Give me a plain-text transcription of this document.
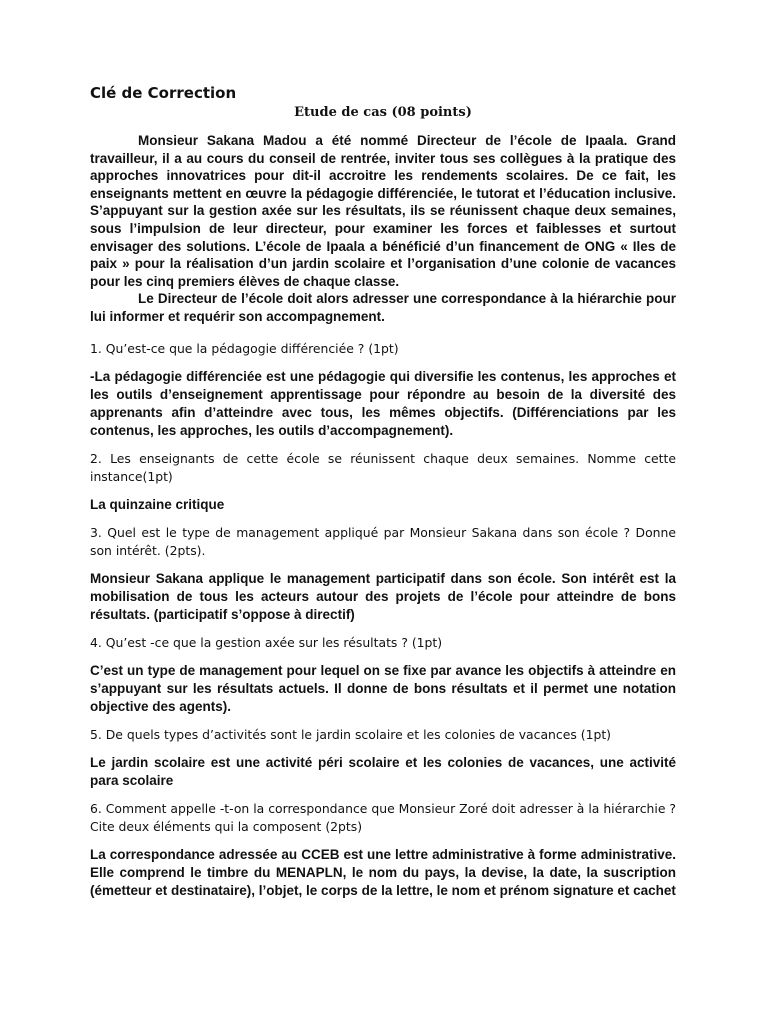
Clé de Correction
Etude de cas (08 points)

Monsieur Sakana Madou a été nommé Directeur de l’école de Ipaala. Grand travailleur, il a au cours du conseil de rentrée, inviter tous ses collègues à la pratique des approches innovatrices pour dit-il accroitre les rendements scolaires. De ce fait, les enseignants mettent en œuvre la pédagogie différenciée, le tutorat et l’éducation inclusive. S’appuyant sur la gestion axée sur les résultats, ils se réunissent chaque deux semaines, sous l’impulsion de leur directeur, pour examiner les forces et faiblesses et surtout envisager des solutions. L’école de Ipaala a bénéficié d’un financement de ONG « Iles de paix » pour la réalisation d’un jardin scolaire et l’organisation d’une colonie de vacances pour les cinq premiers élèves de chaque classe.

Le Directeur de l’école doit alors adresser une correspondance à la hiérarchie pour lui informer et requérir son accompagnement.

1. Qu’est-ce que la pédagogie différenciée ? (1pt)

-La pédagogie différenciée est une pédagogie qui diversifie les contenus, les approches et les outils d’enseignement apprentissage pour répondre au besoin de la diversité des apprenants afin d’atteindre avec tous, les mêmes objectifs. (Différenciations par les contenus, les approches, les outils d’accompagnement).

2. Les enseignants de cette école se réunissent chaque deux semaines. Nomme cette instance(1pt)

La quinzaine critique

3. Quel est le type de management appliqué par Monsieur Sakana dans son école ? Donne son intérêt. (2pts).

Monsieur Sakana applique le management participatif dans son école. Son intérêt est la mobilisation de tous les acteurs autour des projets de l’école pour atteindre de bons résultats. (participatif s’oppose à directif)

4. Qu’est -ce que la gestion axée sur les résultats ? (1pt)

C’est un type de management pour lequel on se fixe par avance les objectifs à atteindre en s’appuyant sur les résultats actuels. Il donne de bons résultats et il permet une notation objective des agents).

5. De quels types d’activités sont le jardin scolaire et les colonies de vacances (1pt)

Le jardin scolaire est une activité péri scolaire et les colonies de vacances, une activité para scolaire

6. Comment appelle -t-on la correspondance que Monsieur Zoré doit adresser à la hiérarchie ? Cite deux éléments qui la composent (2pts)

La correspondance adressée au CCEB est une lettre administrative à forme administrative. Elle comprend le timbre du MENAPLN, le nom du pays, la devise, la date, la suscription (émetteur et destinataire), l’objet, le corps de la lettre, le nom et prénom signature et cachet
